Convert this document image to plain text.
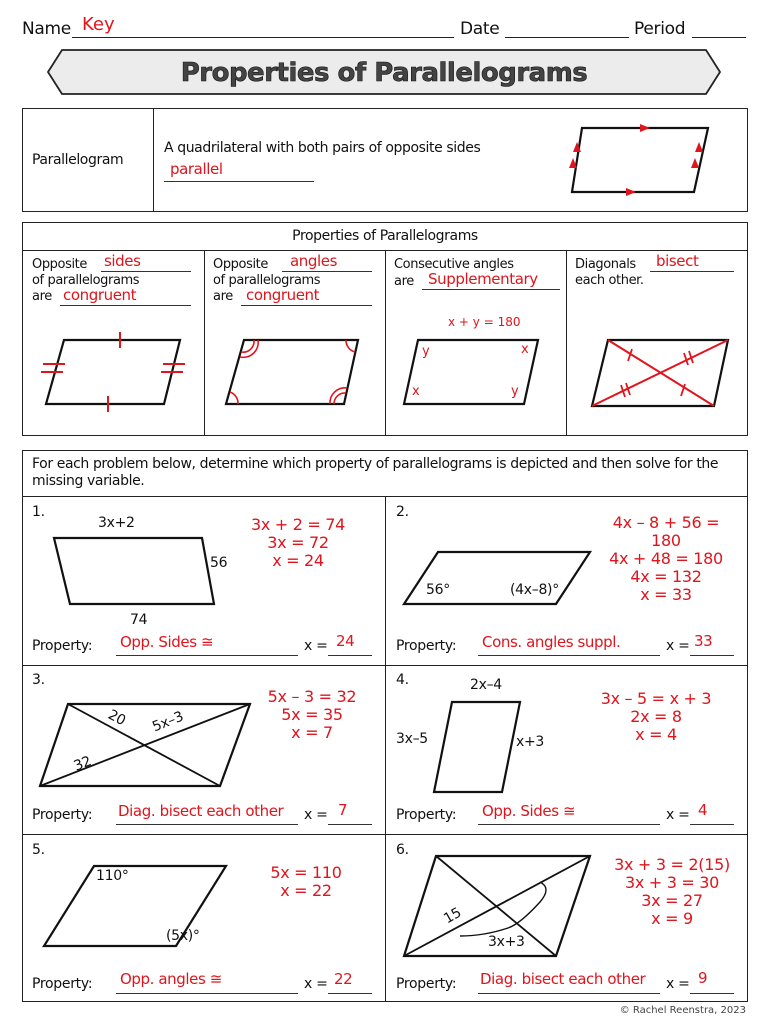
Name Key	Date	Period
Properties of Parallelograms
Parallelogram
A quadrilateral with both pairs of opposite sides
parallel
Properties of Parallelograms
Opposite sides
of parallelograms
are congruent
Opposite angles
of parallelograms
are congruent
Consecutive angles
are Supplementary
x + y = 180
y	x
x	y
Diagonals bisect
each other.
For each problem below, determine which property of parallelograms is depicted and then solve for the missing variable.
1.
3x+2
56
74
3x + 2 = 74
3x = 72
x = 24
Property: Opp. Sides ≅	x = 24
2.
56°	(4x–8)°
4x – 8 + 56 = 180
4x + 48 = 180
4x = 132
x = 33
Property: Cons. angles suppl.	x = 33
3.
20 5x–3
32
5x – 3 = 32
5x = 35
x = 7
Property: Diag. bisect each other x = 7
4.	2x–4
3x–5	x+3
3x – 5 = x + 3
2x = 8
x = 4
Property: Opp. Sides ≅	x = 4
5.
110°
(5x)°
5x = 110
x = 22
Property: Opp. angles ≅	x = 22
6.
15
3x+3
3x + 3 = 2(15)
3x + 3 = 30
3x = 27
x = 9
Property: Diag. bisect each other x = 9
© Rachel Reenstra, 2023
